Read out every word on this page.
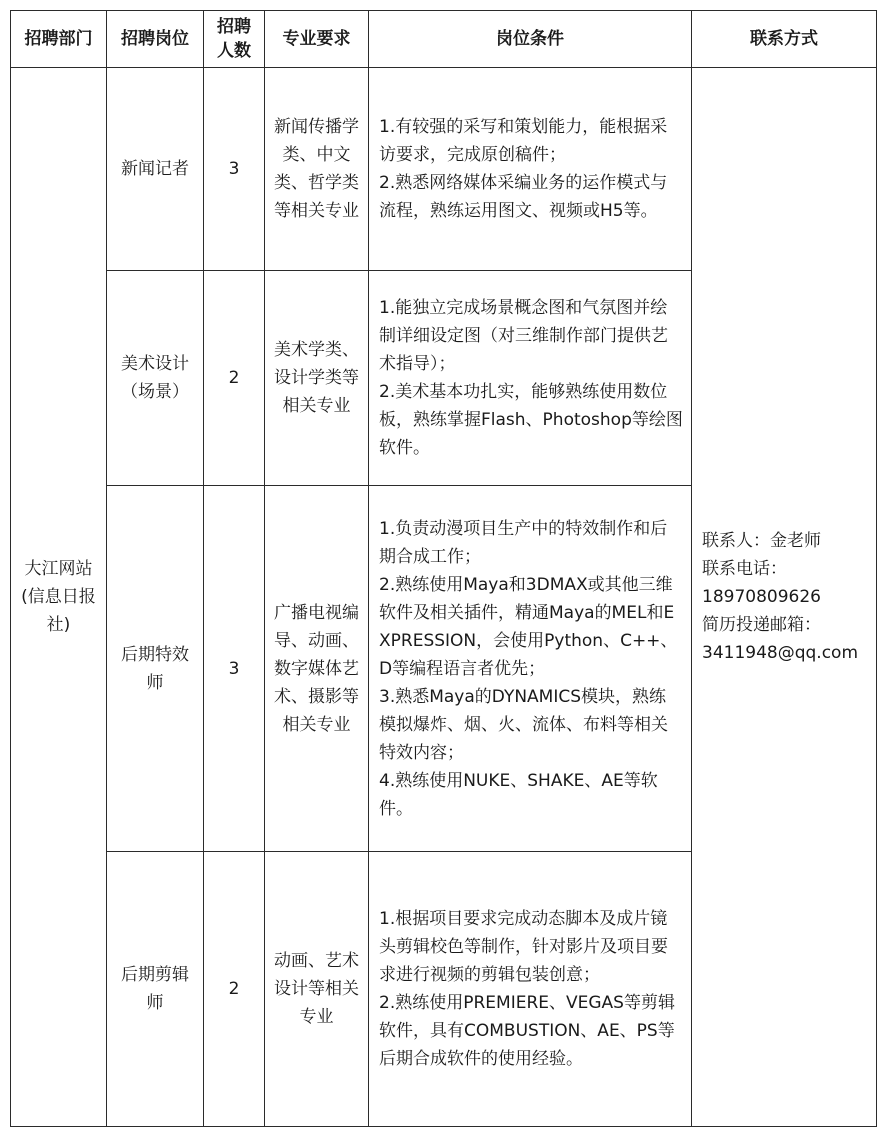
招聘部门	招聘岗位	招聘人数	专业要求	岗位条件	联系方式
大江网站(信息日报社)	新闻记者	3	新闻传播学类、中文类、哲学类等相关专业	1.有较强的采写和策划能力，能根据采访要求，完成原创稿件；
2.熟悉网络媒体采编业务的运作模式与流程，熟练运用图文、视频或H5等。	联系人：金老师
联系电话：
18970809626
简历投递邮箱：
3411948@qq.com

	美术设计（场景）	2	美术学类、设计学类等相关专业	1.能独立完成场景概念图和气氛图并绘制详细设定图（对三维制作部门提供艺术指导）；
2.美术基本功扎实，能够熟练使用数位板，熟练掌握Flash、Photoshop等绘图软件。	

	后期特效师	3	广播电视编导、动画、数字媒体艺术、摄影等相关专业	1.负责动漫项目生产中的特效制作和后期合成工作；
2.熟练使用Maya和3DMAX或其他三维软件及相关插件，精通Maya的MEL和EXPRESSION，会使用Python、C++、D等编程语言者优先；
3.熟悉Maya的DYNAMICS模块，熟练模拟爆炸、烟、火、流体、布料等相关特效内容；
4.熟练使用NUKE、SHAKE、AE等软件。	

	后期剪辑师	2	动画、艺术设计等相关专业	1.根据项目要求完成动态脚本及成片镜头剪辑校色等制作，针对影片及项目要求进行视频的剪辑包装创意；
2.熟练使用PREMIERE、VEGAS等剪辑软件，具有COMBUSTION、AE、PS等后期合成软件的使用经验。	
